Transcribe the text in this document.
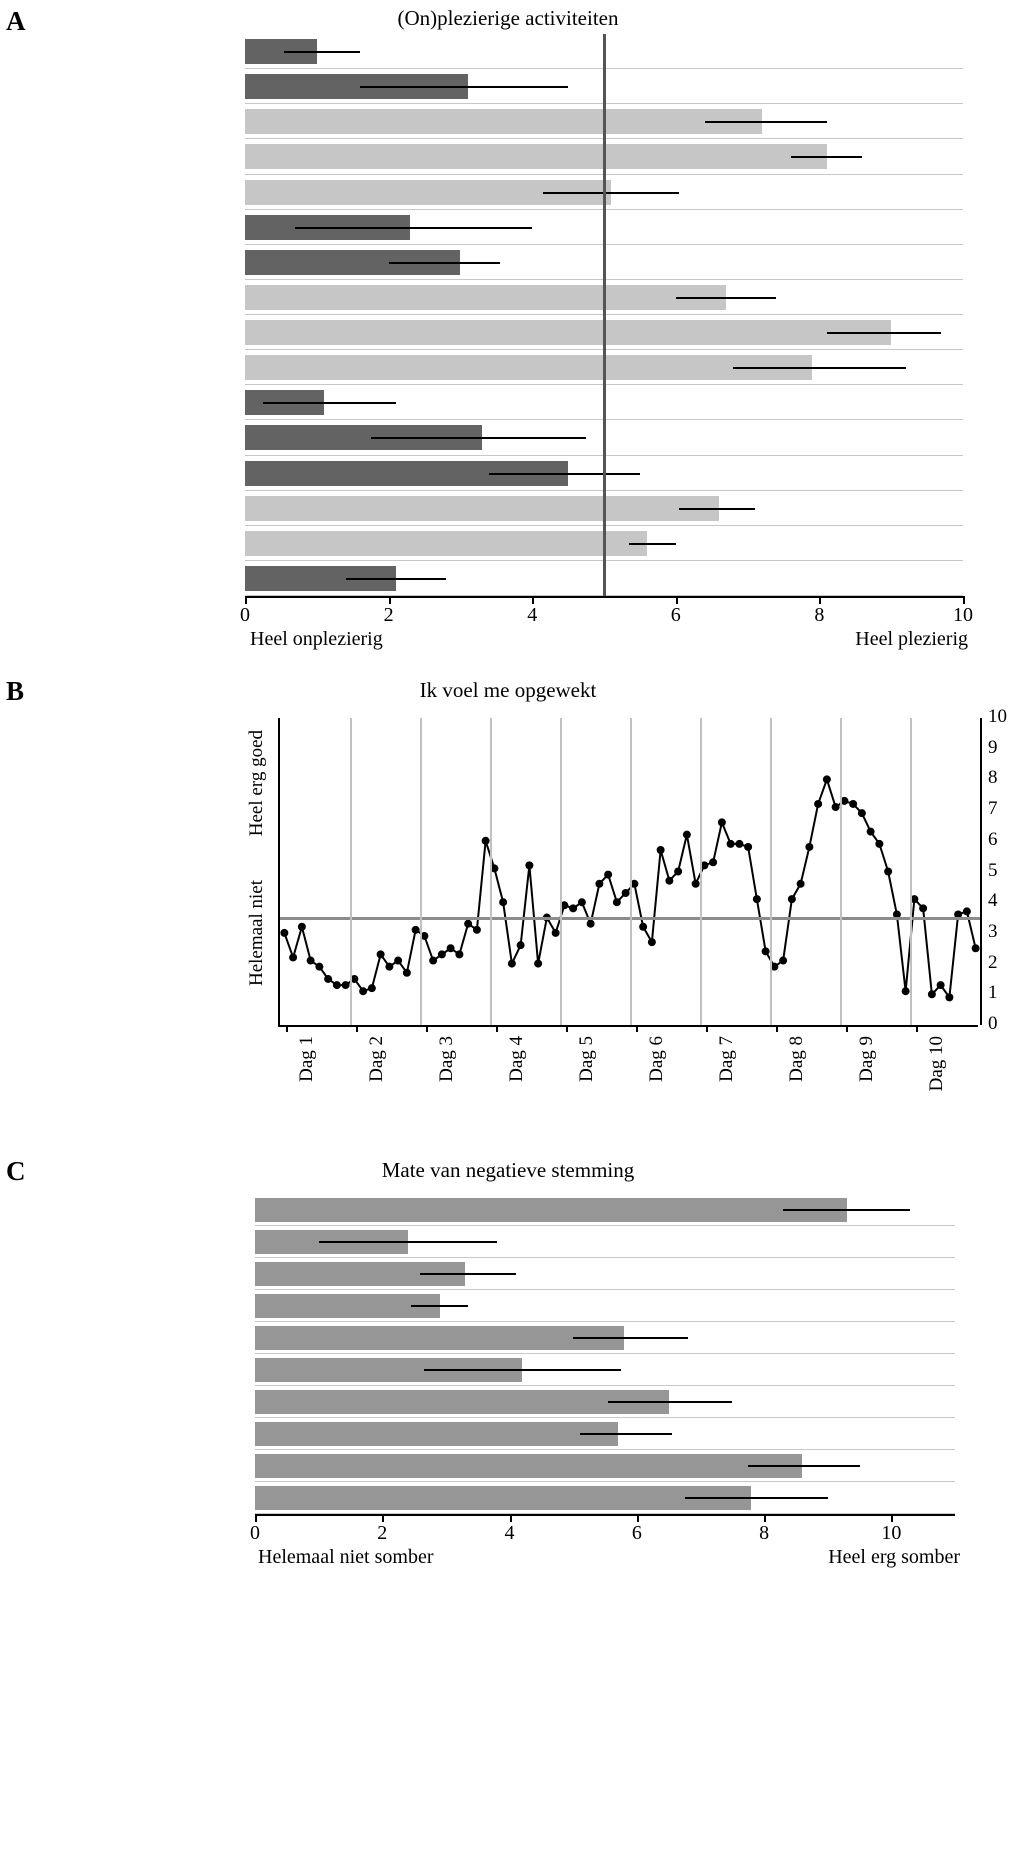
A	(On)plezierige activiteiten
Heel onplezierig	Heel plezierig
0	2	4	6	8	10
B	Ik voel me opgewekt
Dag 1	Dag 2	Dag 3	Dag 4	Dag 5	Dag 6	Dag 7	Dag 8	Dag 9	Dag 10
0
1
2
3
4
5
6
7
8
9
10
Heel erg goed
Helemaal niet
C	Mate van negatieve stemming
Helemaal niet somber	Heel erg somber
0	2	4	6	8	10
